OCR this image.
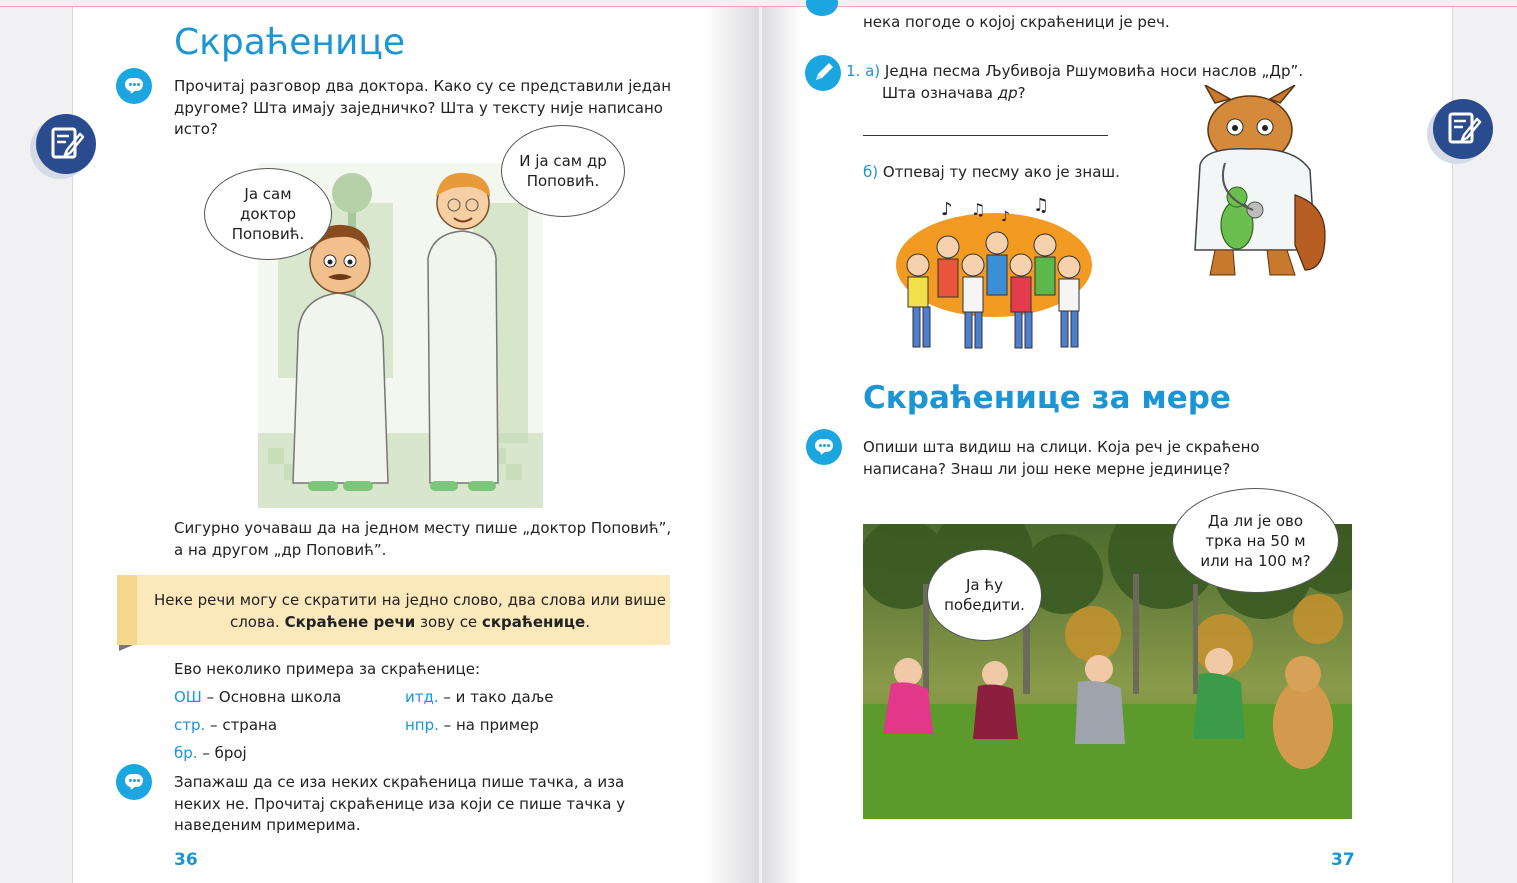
Скраћенице
Прочитај разговор два доктора. Како су се представили један другоме? Шта имају заједничко? Шта у тексту није написано исто?
Ја сам доктор Поповић.
И ја сам др Поповић.
Сигурно уочаваш да на једном месту пише „доктор Поповић”, а на другом „др Поповић”.
Неке речи могу се скратити на једно слово, два слова или више слова. Скраћене речи зову се скраћенице.
Ево неколико примера за скраћенице:
ОШ – Основна школа	итд. – и тако даље
стр. – страна	нпр. – на пример
бр. – број
Запажаш да се иза неких скраћеница пише тачка, а иза неких не. Прочитај скраћенице иза који се пише тачка у наведеним примерима.
36
нека погоде о којој скраћеници је реч.
1. а) Једна песма Љубивоја Ршумовића носи наслов „Др”.
Шта означава др?
б) Отпевај ту песму ако је знаш.
♪ ♫ ♪
♫
Скраћенице за мере
Опиши шта видиш на слици. Која реч је скраћено написана? Знаш ли још неке мерне јединице?
Ја ћу победити.
Да ли је ово трка на 50 м или на 100 м?
37
